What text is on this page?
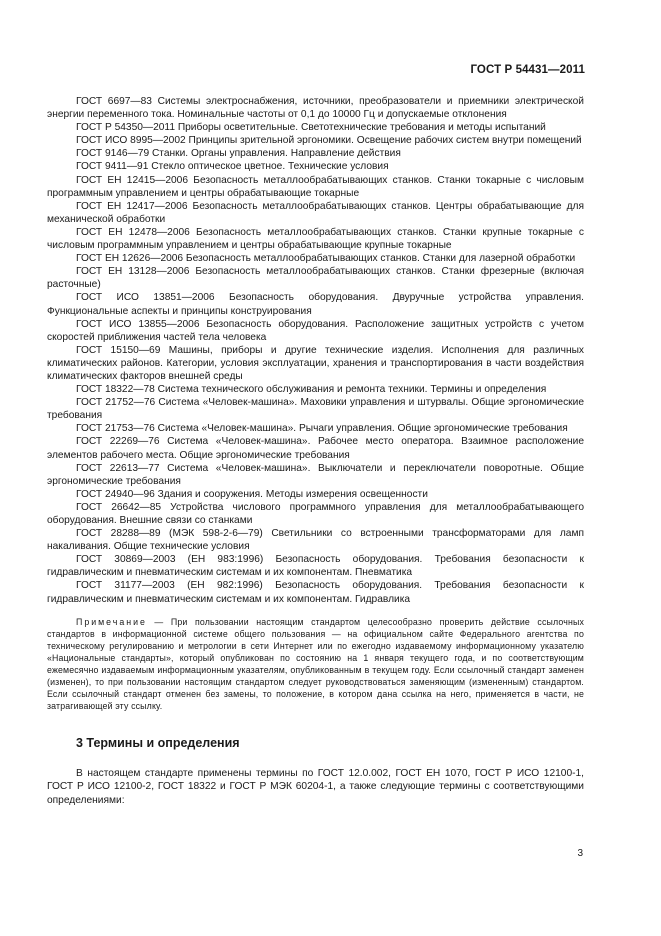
ГОСТ Р 54431—2011

ГОСТ 6697—83 Системы электроснабжения, источники, преобразователи и приемники электрической энергии переменного тока. Номинальные частоты от 0,1 до 10000 Гц и допускаемые отклонения

ГОСТ Р 54350—2011 Приборы осветительные. Светотехнические требования и методы испытаний

ГОСТ ИСО 8995—2002 Принципы зрительной эргономики. Освещение рабочих систем внутри помещений

ГОСТ 9146—79 Станки. Органы управления. Направление действия

ГОСТ 9411—91 Стекло оптическое цветное. Технические условия

ГОСТ ЕН 12415—2006 Безопасность металлообрабатывающих станков. Станки токарные с числовым программным управлением и центры обрабатывающие токарные

ГОСТ ЕН 12417—2006 Безопасность металлообрабатывающих станков. Центры обрабатывающие для механической обработки

ГОСТ ЕН 12478—2006 Безопасность металлообрабатывающих станков. Станки крупные токарные с числовым программным управлением и центры обрабатывающие крупные токарные

ГОСТ ЕН 12626—2006 Безопасность металлообрабатывающих станков. Станки для лазерной обработки

ГОСТ ЕН 13128—2006 Безопасность металлообрабатывающих станков. Станки фрезерные (включая расточные)

ГОСТ ИСО 13851—2006 Безопасность оборудования. Двуручные устройства управления. Функциональные аспекты и принципы конструирования

ГОСТ ИСО 13855—2006 Безопасность оборудования. Расположение защитных устройств с учетом скоростей приближения частей тела человека

ГОСТ 15150—69 Машины, приборы и другие технические изделия. Исполнения для различных климатических районов. Категории, условия эксплуатации, хранения и транспортирования в части воздействия климатических факторов внешней среды

ГОСТ 18322—78 Система технического обслуживания и ремонта техники. Термины и определения

ГОСТ 21752—76 Система «Человек-машина». Маховики управления и штурвалы. Общие эргономические требования

ГОСТ 21753—76 Система «Человек-машина». Рычаги управления. Общие эргономические требования

ГОСТ 22269—76 Система «Человек-машина». Рабочее место оператора. Взаимное расположение элементов рабочего места. Общие эргономические требования

ГОСТ 22613—77 Система «Человек-машина». Выключатели и переключатели поворотные. Общие эргономические требования

ГОСТ 24940—96 Здания и сооружения. Методы измерения освещенности

ГОСТ 26642—85 Устройства числового программного управления для металлообрабатывающего оборудования. Внешние связи со станками

ГОСТ 28288—89 (МЭК 598-2-6—79) Светильники со встроенными трансформаторами для ламп накаливания. Общие технические условия

ГОСТ 30869—2003 (ЕН 983:1996) Безопасность оборудования. Требования безопасности к гидравлическим и пневматическим системам и их компонентам. Пневматика

ГОСТ 31177—2003 (ЕН 982:1996) Безопасность оборудования. Требования безопасности к гидравлическим и пневматическим системам и их компонентам. Гидравлика

Примечание — При пользовании настоящим стандартом целесообразно проверить действие ссылочных стандартов в информационной системе общего пользования — на официальном сайте Федерального агентства по техническому регулированию и метрологии в сети Интернет или по ежегодно издаваемому информационному указателю «Национальные стандарты», который опубликован по состоянию на 1 января текущего года, и по соответствующим ежемесячно издаваемым информационным указателям, опубликованным в текущем году. Если ссылочный стандарт заменен (изменен), то при пользовании настоящим стандартом следует руководствоваться заменяющим (измененным) стандартом. Если ссылочный стандарт отменен без замены, то положение, в котором дана ссылка на него, применяется в части, не затрагивающей эту ссылку.

3 Термины и определения

В настоящем стандарте применены термины по ГОСТ 12.0.002, ГОСТ ЕН 1070, ГОСТ Р ИСО 12100-1, ГОСТ Р ИСО 12100-2, ГОСТ 18322 и ГОСТ Р МЭК 60204-1, а также следующие термины с соответствующими определениями:

3
